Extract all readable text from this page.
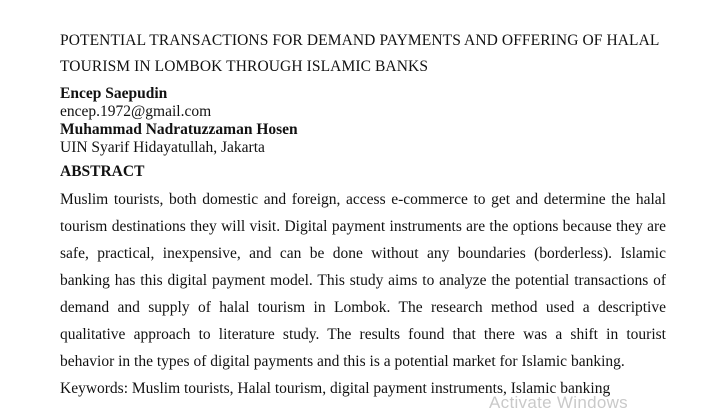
POTENTIAL TRANSACTIONS FOR DEMAND PAYMENTS AND OFFERING OF HALAL
TOURISM IN LOMBOK THROUGH ISLAMIC BANKS
Encep Saepudin
encep.1972@gmail.com
Muhammad Nadratuzzaman Hosen
UIN Syarif Hidayatullah, Jakarta
ABSTRACT
Muslim tourists, both domestic and foreign, access e-commerce to get and determine the halal
tourism destinations they will visit. Digital payment instruments are the options because they are
safe, practical, inexpensive, and can be done without any boundaries (borderless). Islamic
banking has this digital payment model. This study aims to analyze the potential transactions of
demand and supply of halal tourism in Lombok. The research method used a descriptive
qualitative approach to literature study. The results found that there was a shift in tourist
behavior in the types of digital payments and this is a potential market for Islamic banking.
Keywords: Muslim tourists, Halal tourism, digital payment instruments, Islamic banking
Activate Windows
